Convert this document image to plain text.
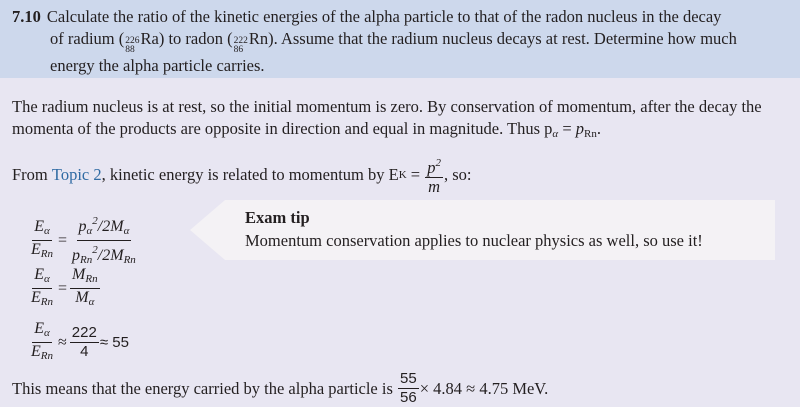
7.10 Calculate the ratio of the kinetic energies of the alpha particle to that of the radon nucleus in the decay
of radium ( 226
88
Ra) to radon ( 222
86
Rn). Assume that the radium nucleus decays at rest. Determine how much
energy the alpha particle carries.
The radium nucleus is at rest, so the initial momentum is zero. By conservation of momentum, after the decay the
momenta of the products are opposite in direction and equal in magnitude. Thus $p_\alpha = p_{Rn}$.
From
Topic 2 , kinetic energy is related to momentum by E $K = \frac{p^2}{m}$ , so:
$\frac{E_\alpha}{E_{Rn}} = \frac{p_\alpha^2/2M_\alpha}{p_{Rn}^2/2M_{Rn}}$
$\frac{E_\alpha}{E_{Rn}} = \frac{M_{Rn}}{M_\alpha}$
$\frac{E_\alpha}{E_{Rn}} \approx \frac{222}{4} \approx 55$
This means that the energy carried by the alpha particle is
$\frac{55}{56} \times 4.84 \approx 4.75$ MeV.
Exam tip
Momentum conservation applies to nuclear physics as well, so use it!
